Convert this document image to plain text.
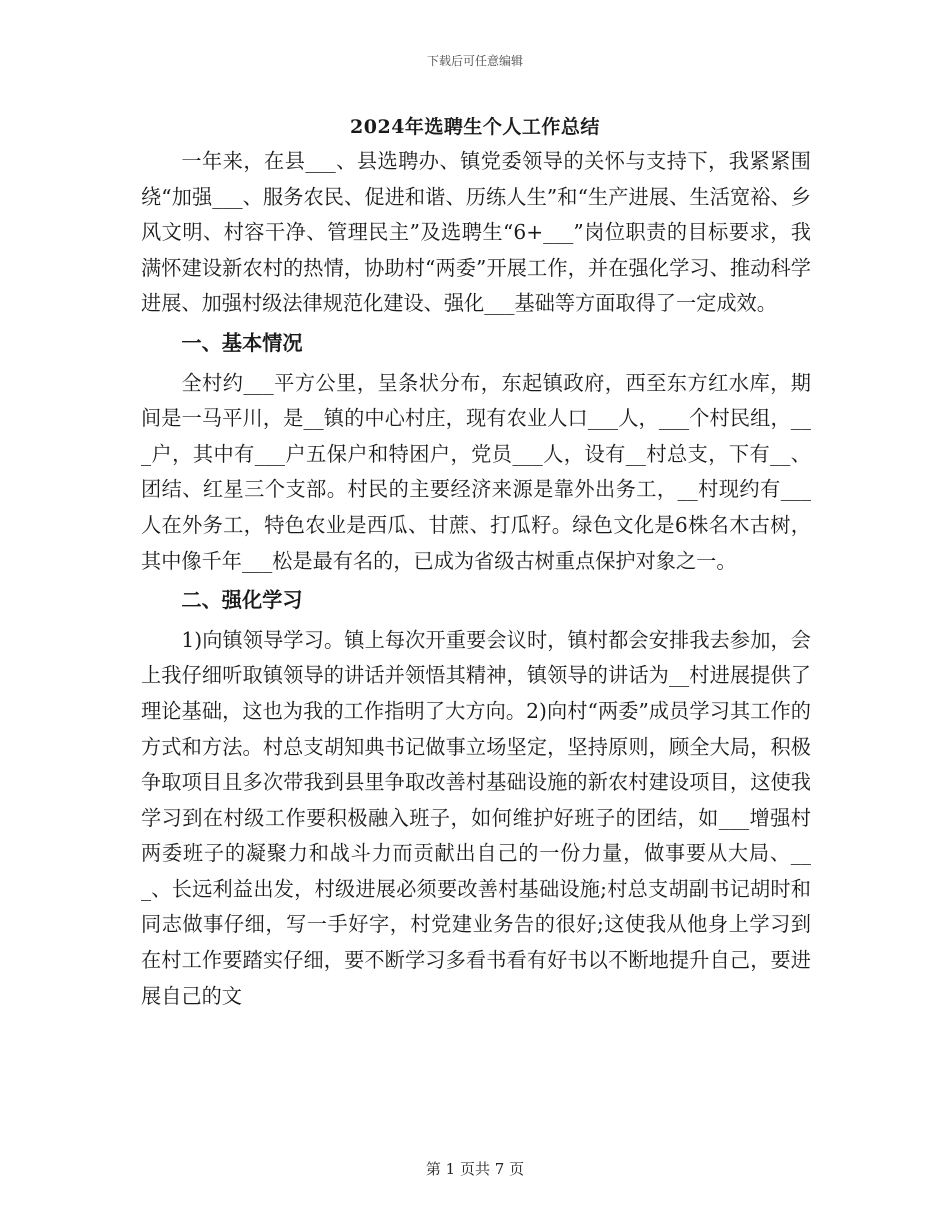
下载后可任意编辑
2024年选聘生个人工作总结

一年来，在县___、县选聘办、镇党委领导的关怀与支持下，我紧紧围绕“加强___、服务农民、促进和谐、历练人生”和“生产进展、生活宽裕、乡风文明、村容干净、管理民主”及选聘生“6+___”岗位职责的目标要求，我满怀建设新农村的热情，协助村“两委”开展工作，并在强化学习、推动科学进展、加强村级法律规范化建设、强化___基础等方面取得了一定成效。

一、基本情况

全村约___平方公里，呈条状分布，东起镇政府，西至东方红水库，期间是一马平川，是__镇的中心村庄，现有农业人口___人，___个村民组，___户，其中有___户五保户和特困户，党员___人，设有__村总支，下有__、团结、红星三个支部。村民的主要经济来源是靠外出务工，__村现约有___人在外务工，特色农业是西瓜、甘蔗、打瓜籽。绿色文化是6株名木古树，其中像千年___松是最有名的，已成为省级古树重点保护对象之一。

二、强化学习

1)向镇领导学习。镇上每次开重要会议时，镇村都会安排我去参加，会上我仔细听取镇领导的讲话并领悟其精神，镇领导的讲话为__村进展提供了理论基础，这也为我的工作指明了大方向。2)向村“两委”成员学习其工作的方式和方法。村总支胡知典书记做事立场坚定，坚持原则，顾全大局，积极争取项目且多次带我到县里争取改善村基础设施的新农村建设项目，这使我学习到在村级工作要积极融入班子，如何维护好班子的团结，如___增强村两委班子的凝聚力和战斗力而贡献出自己的一份力量，做事要从大局、___、长远利益出发，村级进展必须要改善村基础设施;村总支胡副书记胡时和同志做事仔细，写一手好字，村党建业务告的很好;这使我从他身上学习到在村工作要踏实仔细，要不断学习多看书看有好书以不断地提升自己，要进展自己的文

第 1 页共 7 页
